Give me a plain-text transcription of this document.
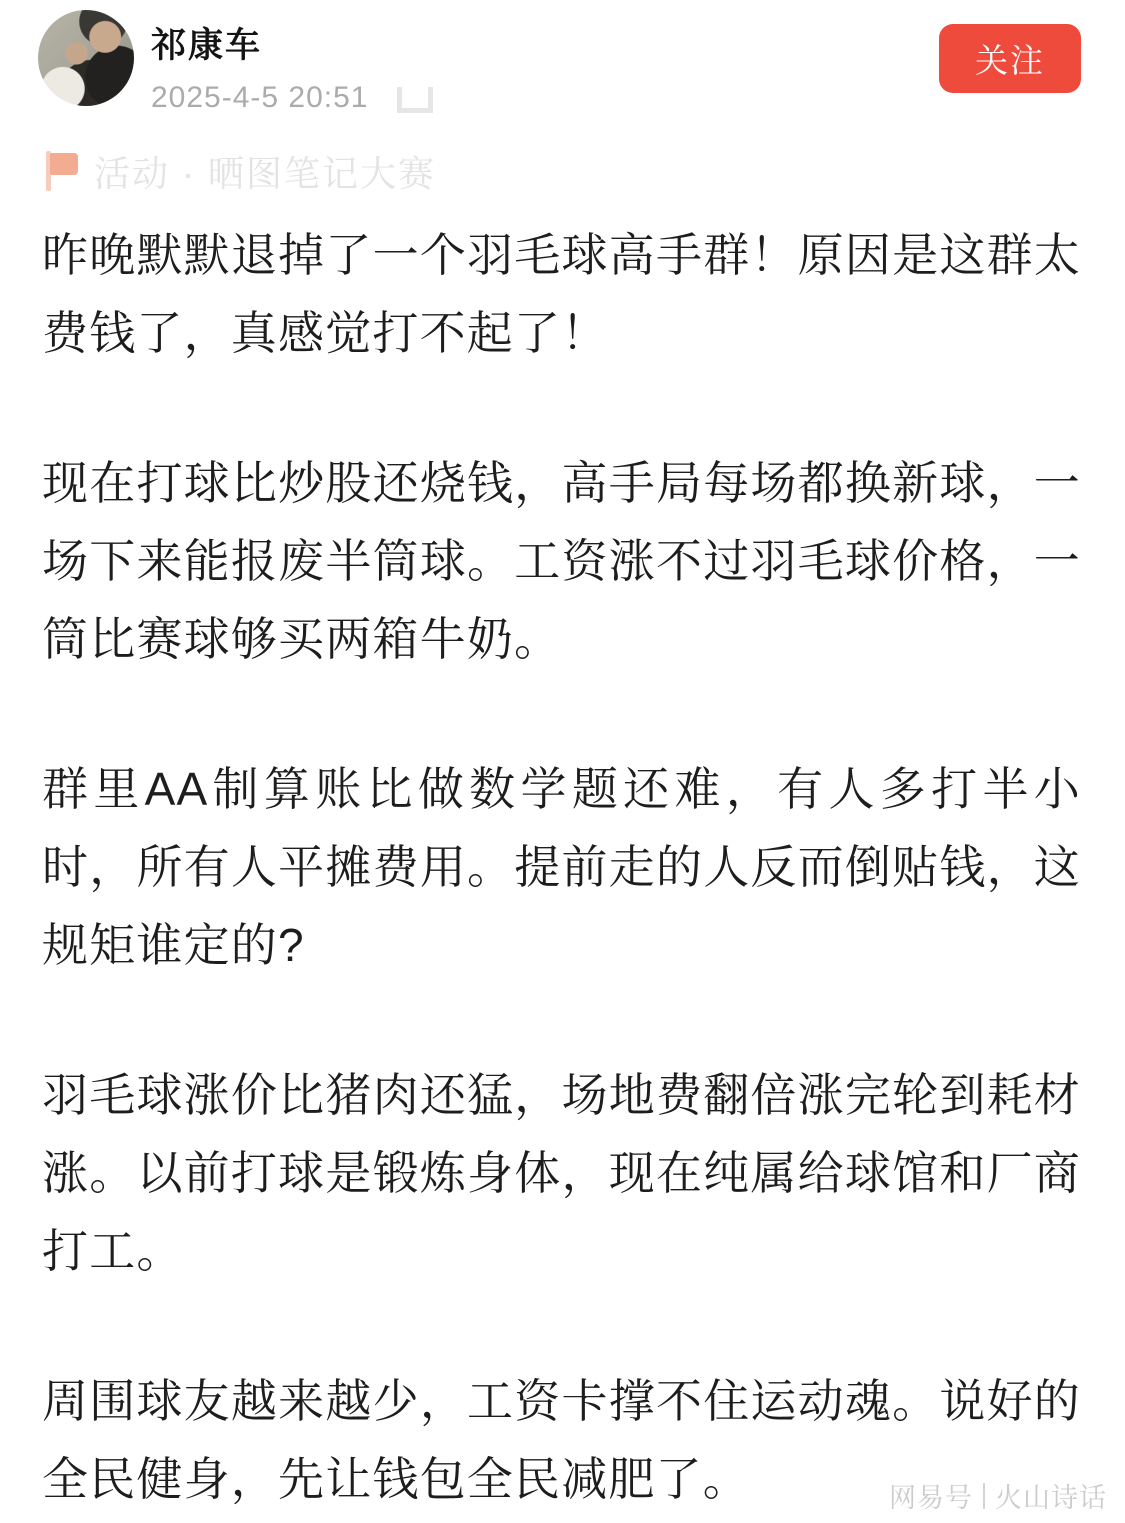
祁康车
2025-4-5 20:51
关注
活动 · 晒图笔记大赛

昨晚默默退掉了一个羽毛球高手群！原因是这群太费钱了，真感觉打不起了！

现在打球比炒股还烧钱，高手局每场都换新球，一场下来能报废半筒球。工资涨不过羽毛球价格，一筒比赛球够买两箱牛奶。

群里AA制算账比做数学题还难，有人多打半小时，所有人平摊费用。提前走的人反而倒贴钱，这规矩谁定的?

羽毛球涨价比猪肉还猛，场地费翻倍涨完轮到耗材涨。以前打球是锻炼身体，现在纯属给球馆和厂商打工。

周围球友越来越少，工资卡撑不住运动魂。说好的全民健身，先让钱包全民减肥了。	网易号 火山诗话
